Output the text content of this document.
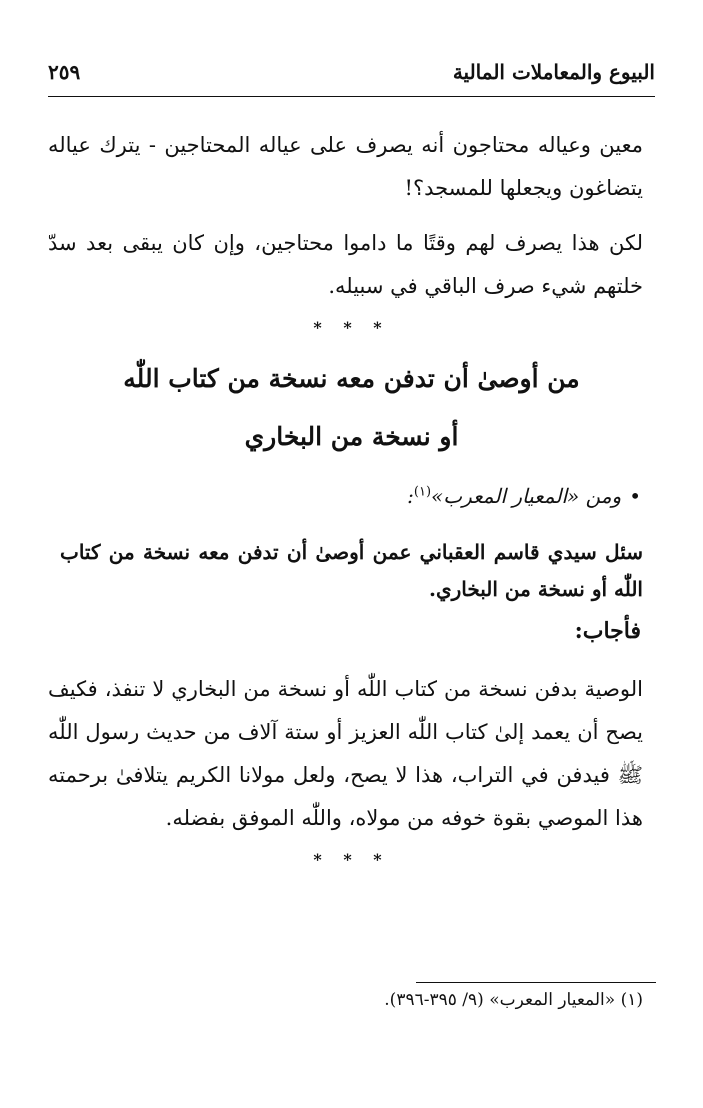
البيوع والمعاملات المالية
٢٥٩
معين وعياله محتاجون أنه يصرف على عياله المحتاجين - يترك عياله يتضاغون ويجعلها للمسجد؟!
لكن هذا يصرف لهم وقتًا ما داموا محتاجين، وإن كان يبقى بعد سدّ خلتهم شيء صرف الباقي في سبيله.
* * *
من أوصىٰ أن تدفن معه نسخة من كتاب اللّٰه
أو نسخة من البخاري
•ومن «المعيار المعرب»$^{(١)}$:
سئل سيدي قاسم العقباني عمن أوصىٰ أن تدفن معه نسخة من كتاب اللّٰه أو نسخة من البخاري.
فأجاب:
الوصية بدفن نسخة من كتاب اللّٰه أو نسخة من البخاري لا تنفذ، فكيف يصح أن يعمد إلىٰ كتاب اللّٰه العزيز أو ستة آلاف من حديث رسول اللّٰه ﷺ فيدفن في التراب، هذا لا يصح، ولعل مولانا الكريم يتلافىٰ برحمته هذا الموصي بقوة خوفه من مولاه، واللّٰه الموفق بفضله.
* * *
(١) «المعيار المعرب» (٩/ ٣٩٥-٣٩٦).
